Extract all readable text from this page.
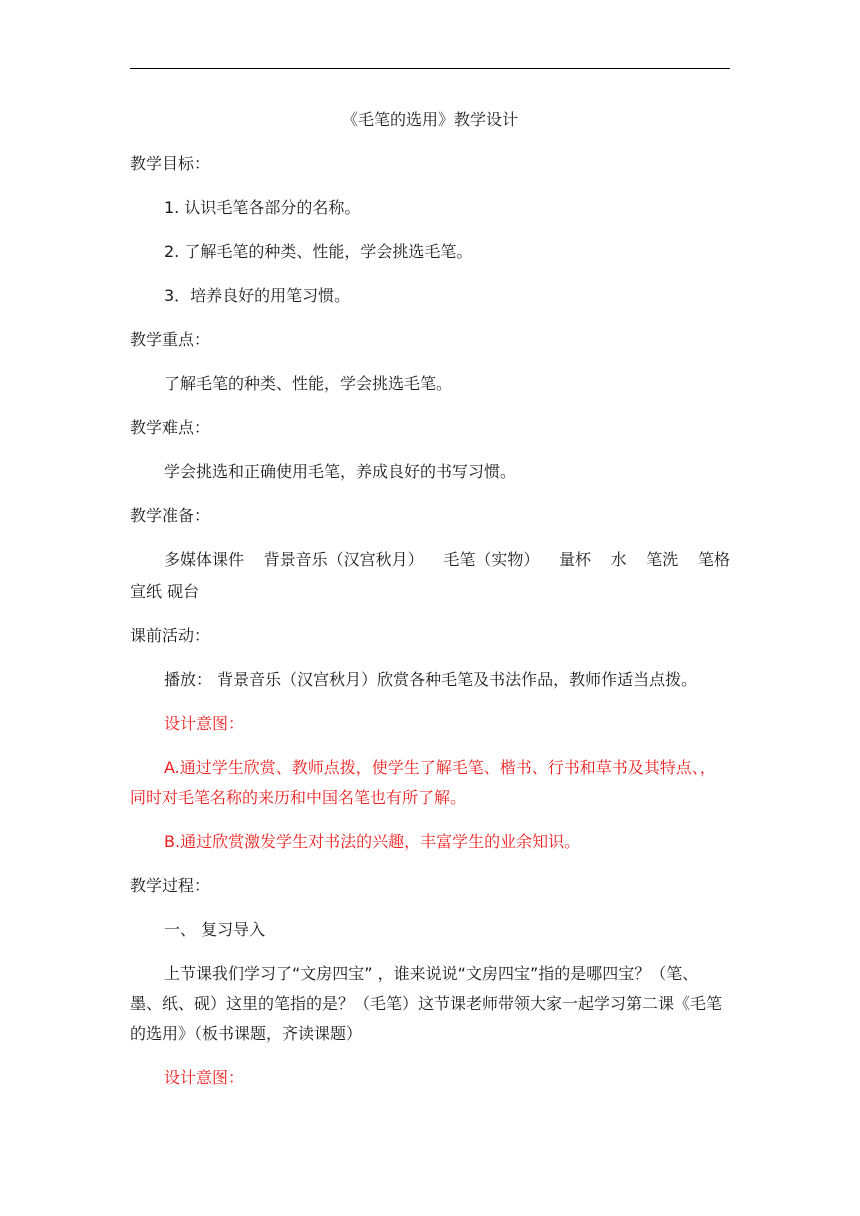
《毛笔的选用》教学设计
教学目标：
1. 认识毛笔各部分的名称。
2. 了解毛笔的种类、性能，学会挑选毛笔。
3．培养良好的用笔习惯。
教学重点：
了解毛笔的种类、性能，学会挑选毛笔。
教学难点：
学会挑选和正确使用毛笔，养成良好的书写习惯。
教学准备：
多媒体课件 背景音乐（汉宫秋月） 毛笔（实物） 量杯 水 笔洗 笔格
宣纸 砚台
课前活动：
播放： 背景音乐（汉宫秋月）欣赏各种毛笔及书法作品，教师作适当点拨。
设计意图：
A.通过学生欣赏、教师点拨，使学生了解毛笔、楷书、行书和草书及其特点、，同时对毛笔名称的来历和中国名笔也有所了解。
B.通过欣赏激发学生对书法的兴趣，丰富学生的业余知识。
教学过程：
一、 复习导入
上节课我们学习了“文房四宝” ，谁来说说“文房四宝”指的是哪四宝？（笔、墨、纸、砚）这里的笔指的是？（毛笔）这节课老师带领大家一起学习第二课《毛笔的选用》（板书课题，齐读课题）
设计意图：
